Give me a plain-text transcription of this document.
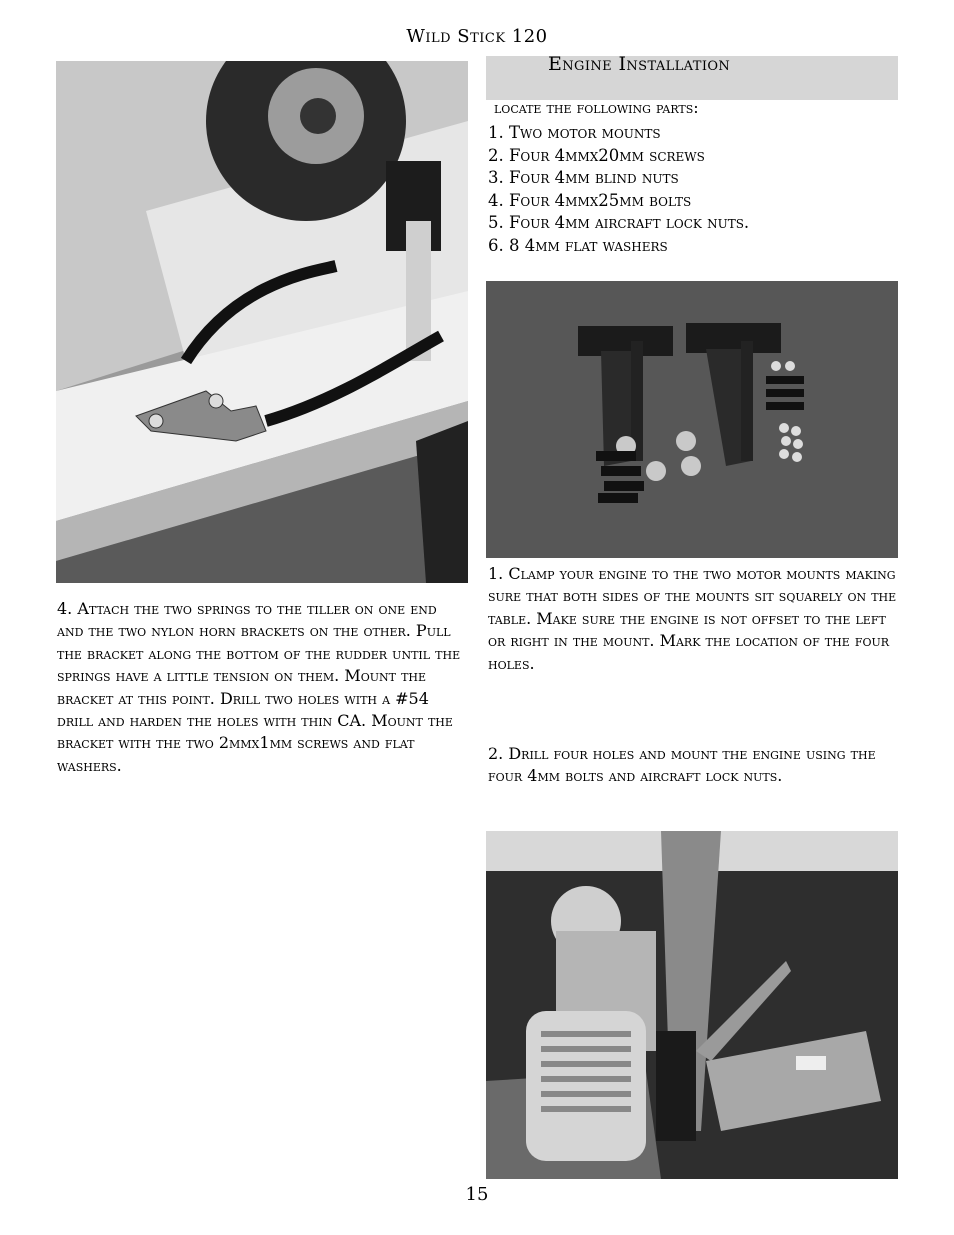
Wild Stick 120
Engine Installation
locate the following parts:
1. Two motor mounts
2. Four 4mmx20mm screws
3. Four 4mm blind nuts
4. Four 4mmx25mm bolts
5. Four 4mm aircraft lock nuts.
6. 8 4mm flat washers

4. Attach the two springs to the tiller on one end and the two nylon horn brackets on the other. Pull the bracket along the bottom of the rudder until the springs have a little tension on them. Mount the bracket at this point. Drill two holes with a #54 drill and harden the holes with thin CA. Mount the bracket with the two 2mmx1mm screws and flat washers.

1. Clamp your engine to the two motor mounts making sure that both sides of the mounts sit squarely on the table. Make sure the engine is not offset to the left or right in the mount. Mark the location of the four holes.

2. Drill four holes and mount the engine using the four 4mm bolts and aircraft lock nuts.

15
